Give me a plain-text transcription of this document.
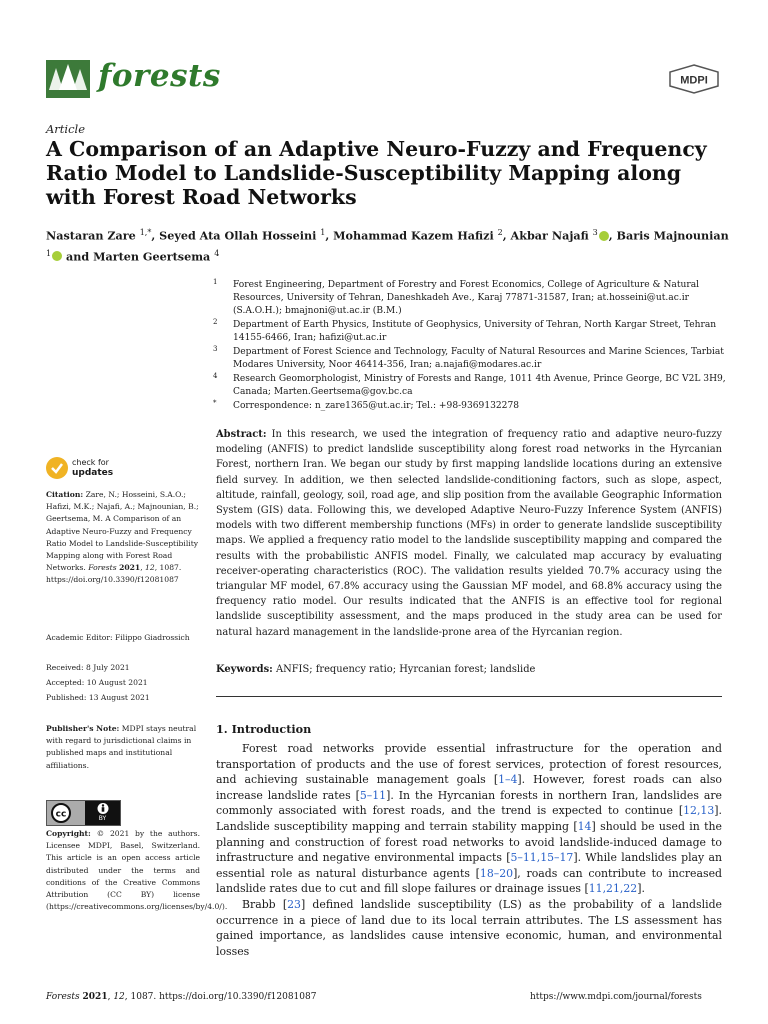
forests	MDPI
Article
A Comparison of an Adaptive Neuro-Fuzzy and Frequency Ratio Model to Landslide-Susceptibility Mapping along with Forest Road Networks
Nastaran Zare $^{1,*}$, Seyed Ata Ollah Hosseini $^1$, Mohammad Kazem Hafizi $^2$, Akbar Najafi $^3$ , Baris Majnounian $^1$ and Marten Geertsema $^4$
1 Forest Engineering, Department of Forestry and Forest Economics, College of Agriculture & Natural Resources, University of Tehran, Daneshkadeh Ave., Karaj 77871-31587, Iran; at.hosseini@ut.ac.ir (S.A.O.H.); bmajnoni@ut.ac.ir (B.M.)
2 Department of Earth Physics, Institute of Geophysics, University of Tehran, North Kargar Street, Tehran 14155-6466, Iran; hafizi@ut.ac.ir
3 Department of Forest Science and Technology, Faculty of Natural Resources and Marine Sciences, Tarbiat Modares University, Noor 46414-356, Iran; a.najafi@modares.ac.ir
4 Research Geomorphologist, Ministry of Forests and Range, 1011 4th Avenue, Prince George, BC V2L 3H9, Canada; Marten.Geertsema@gov.bc.ca
* Correspondence: n_zare1365@ut.ac.ir; Tel.: +98-9369132278
check for
updates
Citation: Zare, N.; Hosseini, S.A.O.; Hafizi, M.K.; Najafi, A.; Majnounian, B.; Geertsema, M. A Comparison of an Adaptive Neuro-Fuzzy and Frequency Ratio Model to Landslide-Susceptibility Mapping along with Forest Road Networks. Forests 2021, 12, 1087. https://doi.org/10.3390/f12081087
Academic Editor: Filippo Giadrossich
Received: 8 July 2021
Accepted: 10 August 2021
Published: 13 August 2021
Publisher's Note: MDPI stays neutral with regard to jurisdictional claims in published maps and institutional affiliations.
cc	BY
Copyright: © 2021 by the authors. Licensee MDPI, Basel, Switzerland. This article is an open access article distributed under the terms and conditions of the Creative Commons Attribution (CC BY) license (https://creativecommons.org/licenses/by/4.0/).
Abstract: In this research, we used the integration of frequency ratio and adaptive neuro-fuzzy modeling (ANFIS) to predict landslide susceptibility along forest road networks in the Hyrcanian Forest, northern Iran. We began our study by first mapping landslide locations during an extensive field survey. In addition, we then selected landslide-conditioning factors, such as slope, aspect, altitude, rainfall, geology, soil, road age, and slip position from the available Geographic Information System (GIS) data. Following this, we developed Adaptive Neuro-Fuzzy Inference System (ANFIS) models with two different membership functions (MFs) in order to generate landslide susceptibility maps. We applied a frequency ratio model to the landslide susceptibility mapping and compared the results with the probabilistic ANFIS model. Finally, we calculated map accuracy by evaluating receiver-operating characteristics (ROC). The validation results yielded 70.7% accuracy using the triangular MF model, 67.8% accuracy using the Gaussian MF model, and 68.8% accuracy using the frequency ratio model. Our results indicated that the ANFIS is an effective tool for regional landslide susceptibility assessment, and the maps produced in the study area can be used for natural hazard management in the landslide-prone area of the Hyrcanian region.
Keywords: ANFIS; frequency ratio; Hyrcanian forest; landslide
1. Introduction

Forest road networks provide essential infrastructure for the operation and transportation of products and the use of forest services, protection of forest resources, and achieving sustainable management goals [1–4]. However, forest roads can also increase landslide rates [5–11]. In the Hyrcanian forests in northern Iran, landslides are commonly associated with forest roads, and the trend is expected to continue [12,13]. Landslide susceptibility mapping and terrain stability mapping [14] should be used in the planning and construction of forest road networks to avoid landslide-induced damage to infrastructure and negative environmental impacts [5–11,15–17]. While landslides play an essential role as natural disturbance agents [18–20], roads can contribute to increased landslide rates due to cut and fill slope failures or drainage issues [11,21,22].

Brabb [23] defined landslide susceptibility (LS) as the probability of a landslide occurrence in a piece of land due to its local terrain attributes. The LS assessment has gained importance, as landslides cause intensive economic, human, and environmental losses

Forests 2021, 12, 1087. https://doi.org/10.3390/f12081087	https://www.mdpi.com/journal/forests
